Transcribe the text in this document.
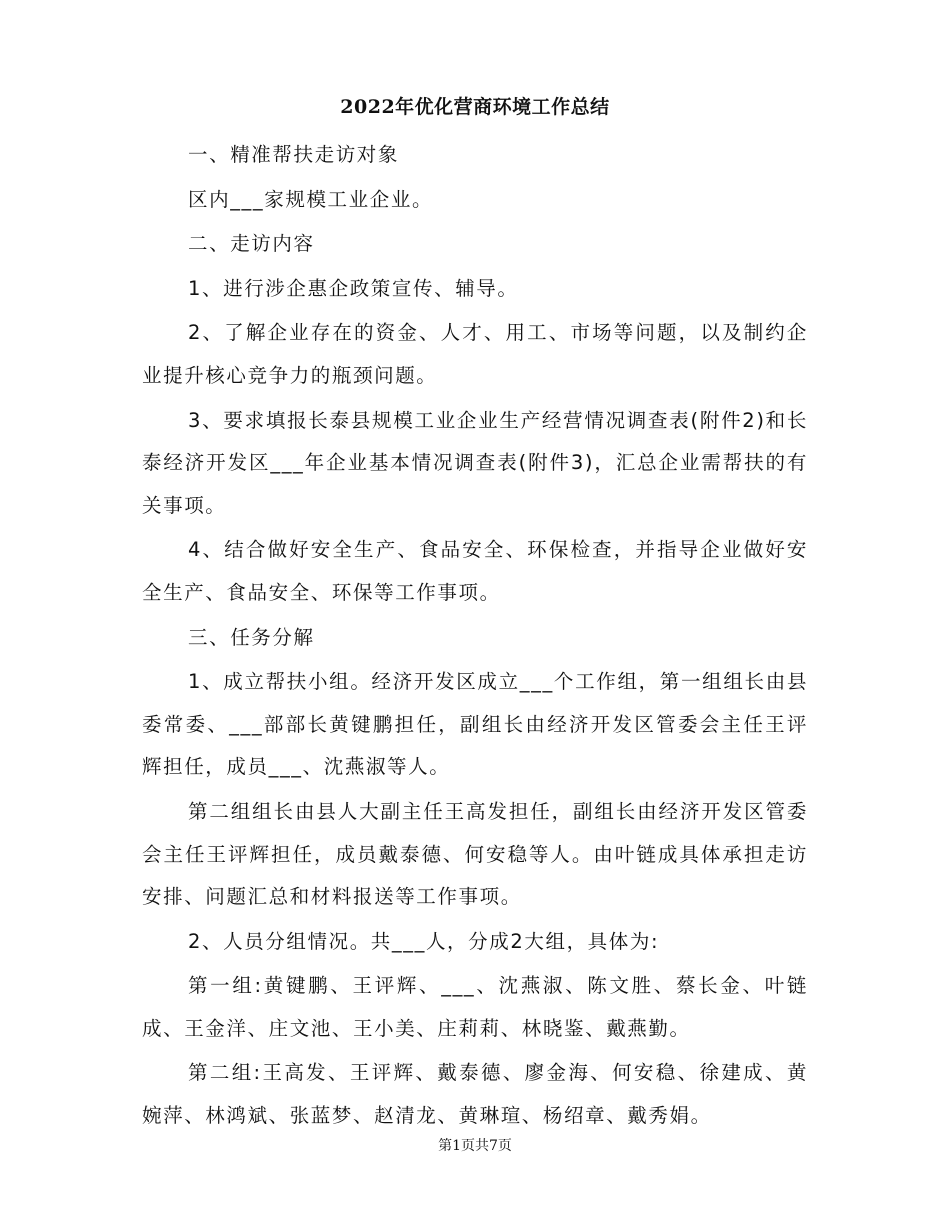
2022年优化营商环境工作总结

一、精准帮扶走访对象

区内___家规模工业企业。

二、走访内容

1、进行涉企惠企政策宣传、辅导。

2、了解企业存在的资金、人才、用工、市场等问题，以及制约企业提升核心竞争力的瓶颈问题。

3、要求填报长泰县规模工业企业生产经营情况调查表(附件2)和长泰经济开发区___年企业基本情况调查表(附件3)，汇总企业需帮扶的有关事项。

4、结合做好安全生产、食品安全、环保检查，并指导企业做好安全生产、食品安全、环保等工作事项。

三、任务分解

1、成立帮扶小组。经济开发区成立___个工作组，第一组组长由县委常委、___部部长黄键鹏担任，副组长由经济开发区管委会主任王评辉担任，成员___、沈燕淑等人。

第二组组长由县人大副主任王高发担任，副组长由经济开发区管委会主任王评辉担任，成员戴泰德、何安稳等人。由叶链成具体承担走访安排、问题汇总和材料报送等工作事项。

2、人员分组情况。共___人，分成2大组，具体为:

第一组:黄键鹏、王评辉、___、沈燕淑、陈文胜、蔡长金、叶链成、王金洋、庄文池、王小美、庄莉莉、林晓鉴、戴燕勤。

第二组:王高发、王评辉、戴泰德、廖金海、何安稳、徐建成、黄婉萍、林鸿斌、张蓝梦、赵清龙、黄琳瑄、杨绍章、戴秀娟。

第1页共7页
